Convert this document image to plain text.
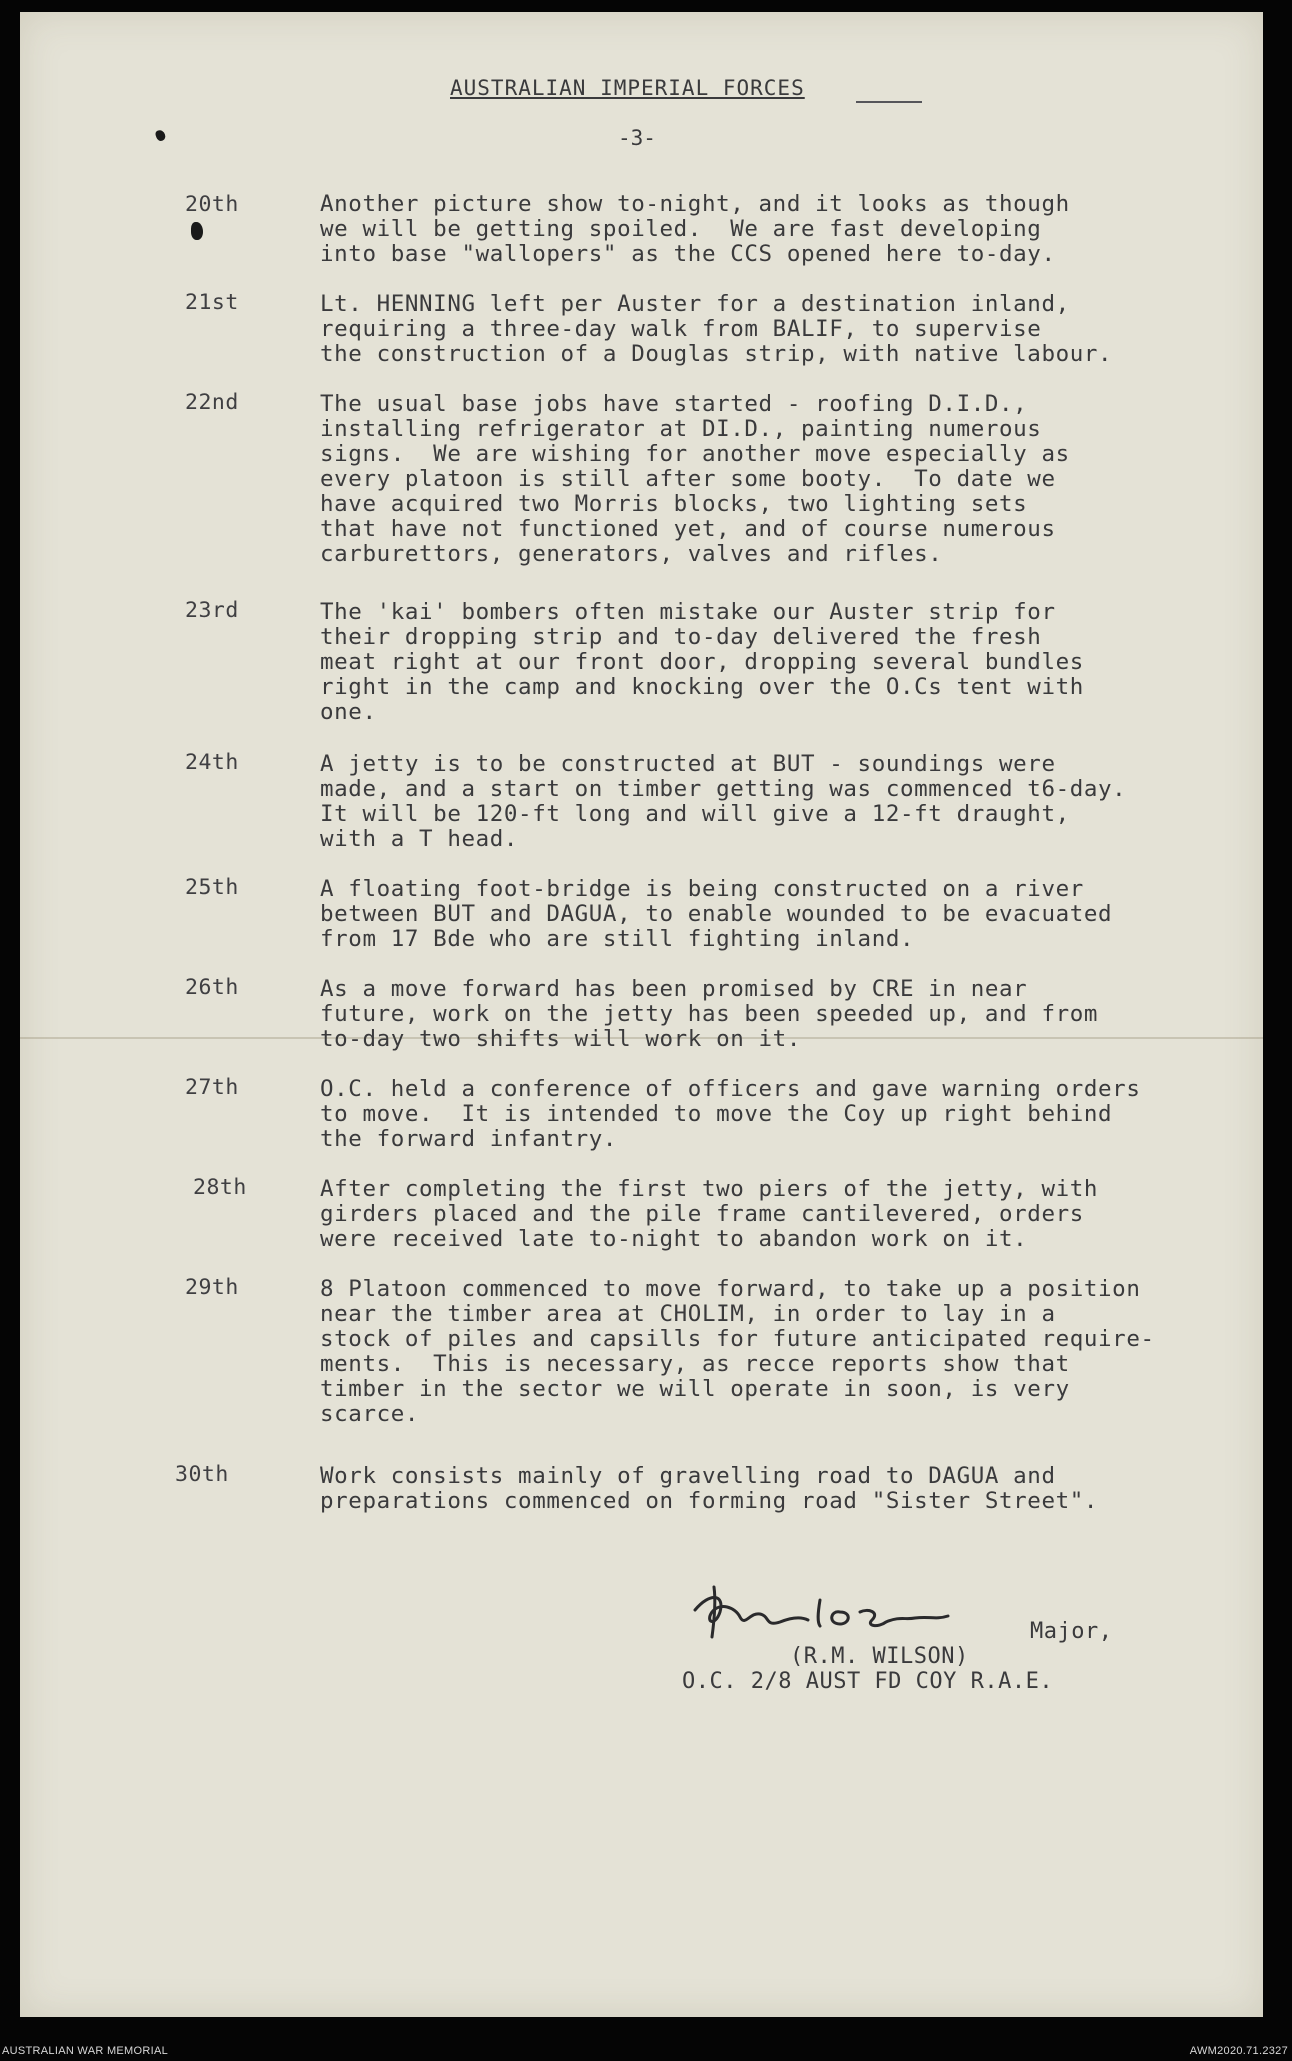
AUSTRALIAN IMPERIAL FORCES
-3-
20th	Another picture show to-night, and it looks as though
we will be getting spoiled.  We are fast developing
into base "wallopers" as the CCS opened here to-day.
21st	Lt. HENNING left per Auster for a destination inland,
requiring a three-day walk from BALIF, to supervise
the construction of a Douglas strip, with native labour.
22nd	The usual base jobs have started - roofing D.I.D.,
installing refrigerator at DI.D., painting numerous
signs.  We are wishing for another move especially as
every platoon is still after some booty.  To date we
have acquired two Morris blocks, two lighting sets
that have not functioned yet, and of course numerous
carburettors, generators, valves and rifles.
23rd	The 'kai' bombers often mistake our Auster strip for
their dropping strip and to-day delivered the fresh
meat right at our front door, dropping several bundles
right in the camp and knocking over the O.Cs tent with
one.
24th	A jetty is to be constructed at BUT - soundings were
made, and a start on timber getting was commenced t6-day.
It will be 120-ft long and will give a 12-ft draught,
with a T head.
25th	A floating foot-bridge is being constructed on a river
between BUT and DAGUA, to enable wounded to be evacuated
from 17 Bde who are still fighting inland.
26th	As a move forward has been promised by CRE in near
future, work on the jetty has been speeded up, and from
to-day two shifts will work on it.
27th	O.C. held a conference of officers and gave warning orders
to move.  It is intended to move the Coy up right behind
the forward infantry.
28th	After completing the first two piers of the jetty, with
girders placed and the pile frame cantilevered, orders
were received late to-night to abandon work on it.
29th	8 Platoon commenced to move forward, to take up a position
near the timber area at CHOLIM, in order to lay in a
stock of piles and capsills for future anticipated require-
ments.  This is necessary, as recce reports show that
timber in the sector we will operate in soon, is very
scarce.
30th	Work consists mainly of gravelling road to DAGUA and
preparations commenced on forming road "Sister Street".
Major,
(R.M. WILSON)
O.C. 2/8 AUST FD COY R.A.E.
AUSTRALIAN WAR MEMORIAL	AWM2020.71.2327
